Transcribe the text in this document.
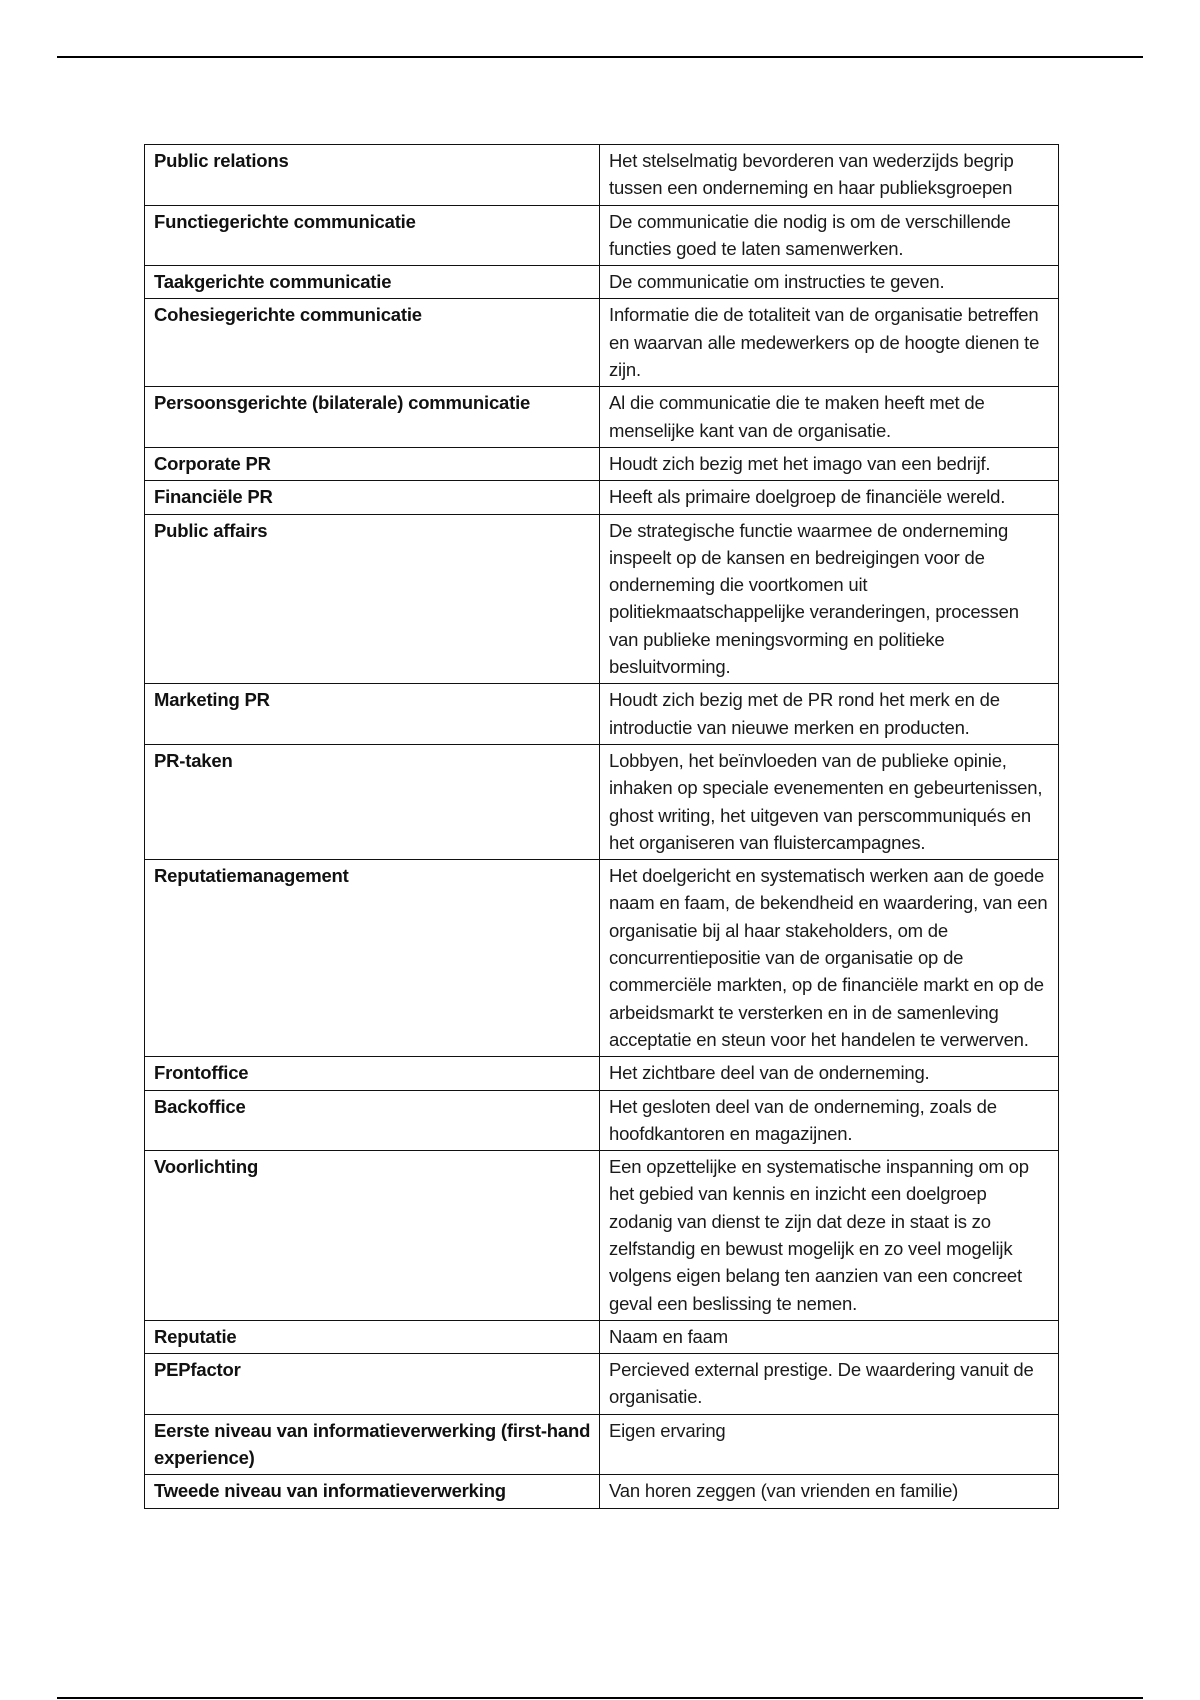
Public relations	Het stelselmatig bevorderen van wederzijds begrip tussen een onderneming en haar publieksgroepen
Functiegerichte communicatie	De communicatie die nodig is om de verschillende functies goed te laten samenwerken.
Taakgerichte communicatie	De communicatie om instructies te geven.
Cohesiegerichte communicatie	Informatie die de totaliteit van de organisatie betreffen en waarvan alle medewerkers op de hoogte dienen te zijn.
Persoonsgerichte (bilaterale) communicatie	Al die communicatie die te maken heeft met de menselijke kant van de organisatie.
Corporate PR	Houdt zich bezig met het imago van een bedrijf.
Financiële PR	Heeft als primaire doelgroep de financiële wereld.
Public affairs	De strategische functie waarmee de onderneming inspeelt op de kansen en bedreigingen voor de onderneming die voortkomen uit politiekmaatschappelijke veranderingen, processen van publieke meningsvorming en politieke besluitvorming.
Marketing PR	Houdt zich bezig met de PR rond het merk en de introductie van nieuwe merken en producten.
PR-taken	Lobbyen, het beïnvloeden van de publieke opinie, inhaken op speciale evenementen en gebeurtenissen, ghost writing, het uitgeven van perscommuniqués en het organiseren van fluistercampagnes.
Reputatiemanagement	Het doelgericht en systematisch werken aan de goede naam en faam, de bekendheid en waardering, van een organisatie bij al haar stakeholders, om de concurrentiepositie van de organisatie op de commerciële markten, op de financiële markt en op de arbeidsmarkt te versterken en in de samenleving acceptatie en steun voor het handelen te verwerven.
Frontoffice	Het zichtbare deel van de onderneming.
Backoffice	Het gesloten deel van de onderneming, zoals de hoofdkantoren en magazijnen.
Voorlichting	Een opzettelijke en systematische inspanning om op het gebied van kennis en inzicht een doelgroep zodanig van dienst te zijn dat deze in staat is zo zelfstandig en bewust mogelijk en zo veel mogelijk volgens eigen belang ten aanzien van een concreet geval een beslissing te nemen.
Reputatie	Naam en faam
PEPfactor	Percieved external prestige. De waardering vanuit de organisatie.
Eerste niveau van informatieverwerking (first-hand experience)	Eigen ervaring
Tweede niveau van informatieverwerking	Van horen zeggen (van vrienden en familie)
